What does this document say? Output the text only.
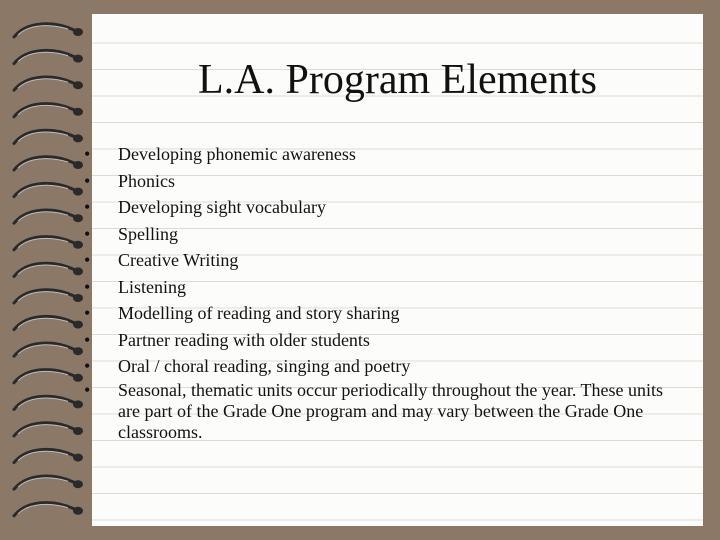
L.A. Program Elements
• Developing phonemic awareness
• Phonics
• Developing sight vocabulary
• Spelling
• Creative Writing
• Listening
• Modelling of reading and story sharing
• Partner reading with older students
• Oral / choral reading, singing and poetry
• Seasonal, thematic units occur periodically throughout the year. These units are part of the Grade One program and may vary between the Grade One classrooms.
